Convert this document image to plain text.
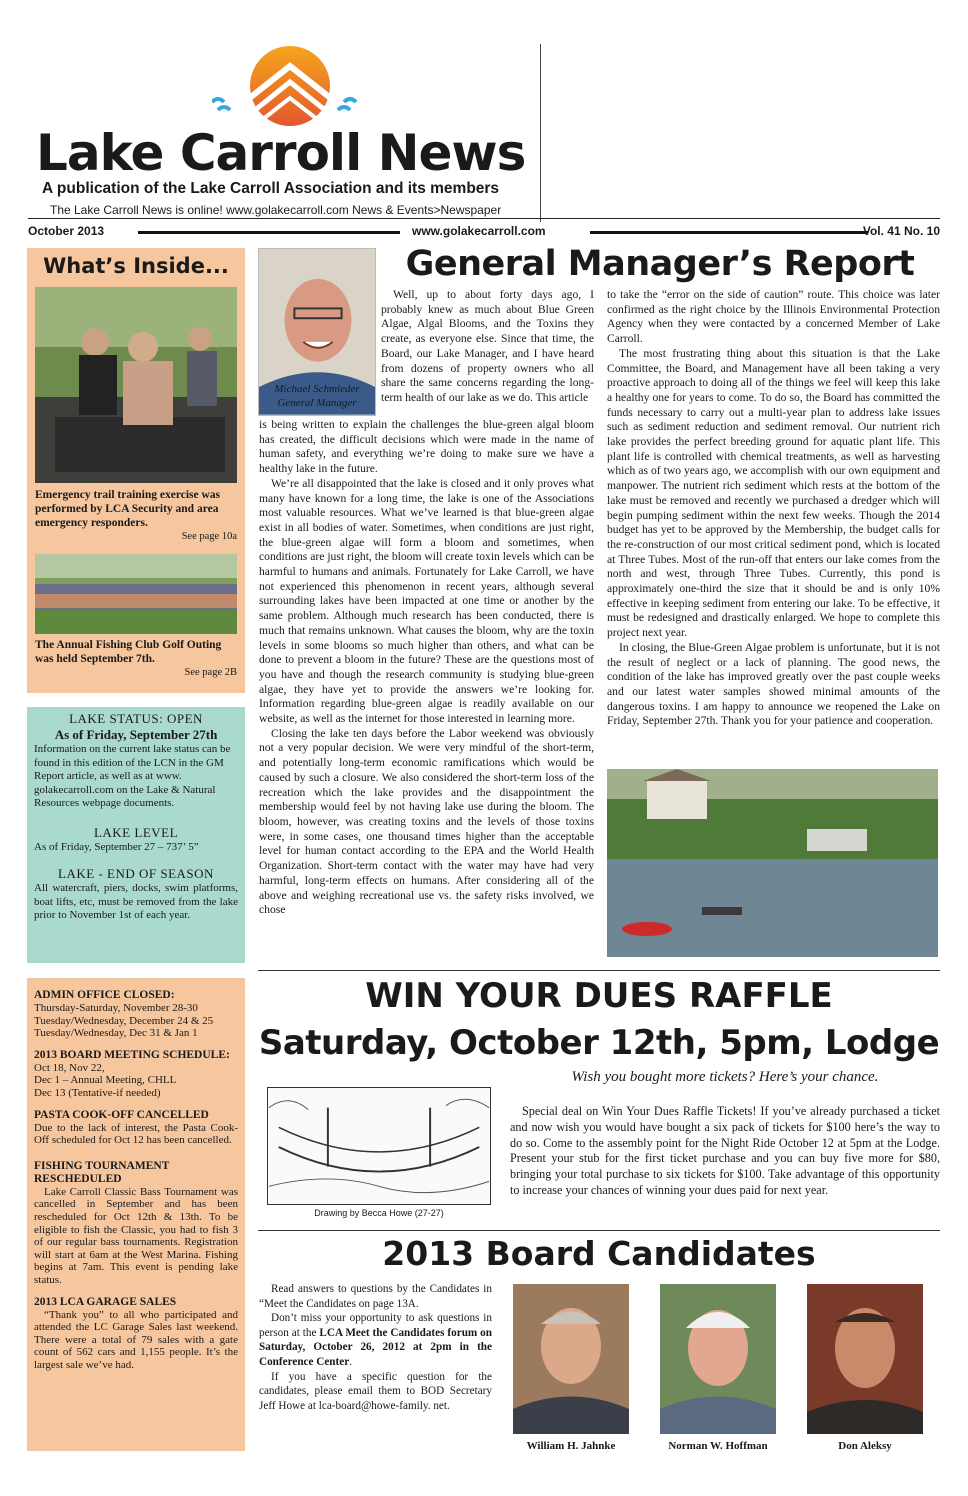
Lake Carroll News
A publication of the Lake Carroll Association and its members
The Lake Carroll News is online! www.golakecarroll.com News & Events>Newspaper
October 2013	www.golakecarroll.com	Vol. 41 No. 10
What’s Inside...
Emergency trail training exercise was performed by LCA Security and area emergency responders.
See page 10a
The Annual Fishing Club Golf Outing was held September 7th.
See page 2B
LAKE STATUS: OPEN
As of Friday, September 27th
Information on the current lake status can be found in this edition of the LCN in the GM Report article, as well as at www. golakecarroll.com on the Lake & Natural Resources webpage documents.
LAKE LEVEL
As of Friday, September 27 – 737’ 5”
LAKE - END OF SEASON
All watercraft, piers, docks, swim platforms, boat lifts, etc, must be removed from the lake prior to November 1st of each year.
ADMIN OFFICE CLOSED:
Thursday-Saturday, November 28-30
Tuesday/Wednesday, December 24 & 25
Tuesday/Wednesday, Dec 31 & Jan 1
2013 BOARD MEETING SCHEDULE:
Oct 18, Nov 22,
Dec 1 – Annual Meeting, CHLL
Dec 13 (Tentative-if needed)
PASTA COOK-OFF CANCELLED
Due to the lack of interest, the Pasta Cook-Off scheduled for Oct 12 has been cancelled.
FISHING TOURNAMENT RESCHEDULED
Lake Carroll Classic Bass Tournament was cancelled in September and has been rescheduled for Oct 12th & 13th. To be eligible to fish the Classic, you had to fish 3 of our regular bass tournaments. Registration will start at 6am at the West Marina. Fishing begins at 7am. This event is pending lake status.
2013 LCA GARAGE SALES
“Thank you” to all who participated and attended the LC Garage Sales last weekend. There were a total of 79 sales with a gate count of 562 cars and 1,155 people. It’s the largest sale we’ve had.
General Manager’s Report
Michael Schmieder
General Manager

Well, up to about forty days ago, I probably knew as much about Blue Green Algae, Algal Blooms, and the Toxins they create, as everyone else. Since that time, the Board, our Lake Manager, and I have heard from dozens of property owners who all share the same concerns regarding the long-term health of our lake as we do. This article

is being written to explain the challenges the blue-green algal bloom has created, the difficult decisions which were made in the name of human safety, and everything we’re doing to make sure we have a healthy lake in the future.

We’re all disappointed that the lake is closed and it only proves what many have known for a long time, the lake is one of the Associations most valuable resources. What we’ve learned is that blue-green algae exist in all bodies of water. Sometimes, when conditions are just right, the blue-green algae will form a bloom and sometimes, when conditions are just right, the bloom will create toxin levels which can be harmful to humans and animals. Fortunately for Lake Carroll, we have not experienced this phenomenon in recent years, although several surrounding lakes have been impacted at one time or another by the same problem. Although much research has been conducted, there is much that remains unknown. What causes the bloom, why are the toxin levels in some blooms so much higher than others, and what can be done to prevent a bloom in the future? These are the questions most of you have and though the research community is studying blue-green algae, they have yet to provide the answers we’re looking for. Information regarding blue-green algae is readily available on our website, as well as the internet for those interested in learning more.

Closing the lake ten days before the Labor weekend was obviously not a very popular decision. We were very mindful of the short-term, and potentially long-term economic ramifications which would be caused by such a closure. We also considered the short-term loss of the recreation which the lake provides and the disappointment the membership would feel by not having lake use during the bloom. The bloom, however, was creating toxins and the levels of those toxins were, in some cases, one thousand times higher than the acceptable level for human contact according to the EPA and the World Health Organization. Short-term contact with the water may have had very harmful, long-term effects on humans. After considering all of the above and weighing recreational use vs. the safety risks involved, we chose

to take the “error on the side of caution” route. This choice was later confirmed as the right choice by the Illinois Environmental Protection Agency when they were contacted by a concerned Member of Lake Carroll.

The most frustrating thing about this situation is that the Lake Committee, the Board, and Management have all been taking a very proactive approach to doing all of the things we feel will keep this lake a healthy one for years to come. To do so, the Board has committed the funds necessary to carry out a multi-year plan to address lake issues such as sediment reduction and sediment removal. Our nutrient rich lake provides the perfect breeding ground for aquatic plant life. This plant life is controlled with chemical treatments, as well as harvesting which as of two years ago, we accomplish with our own equipment and manpower. The nutrient rich sediment which rests at the bottom of the lake must be removed and recently we purchased a dredger which will begin pumping sediment within the next few weeks. Though the 2014 budget has yet to be approved by the Membership, the budget calls for the re-construction of our most critical sediment pond, which is located at Three Tubes. Most of the run-off that enters our lake comes from the north and west, through Three Tubes. Currently, this pond is approximately one-third the size that it should be and is only 10% effective in keeping sediment from entering our lake. To be effective, it must be redesigned and drastically enlarged. We hope to complete this project next year.

In closing, the Blue-Green Algae problem is unfortunate, but it is not the result of neglect or a lack of planning. The good news, the condition of the lake has improved greatly over the past couple weeks and our latest water samples showed minimal amounts of the dangerous toxins. I am happy to announce we reopened the Lake on Friday, September 27th. Thank you for your patience and cooperation.

WIN YOUR DUES RAFFLE
Saturday, October 12th, 5pm, Lodge
Wish you bought more tickets? Here’s your chance.
Drawing by Becca Howe (27-27)
Special deal on Win Your Dues Raffle Tickets! If you’ve already purchased a ticket and now wish you would have bought a six pack of tickets for $100 here’s the way to do so. Come to the assembly point for the Night Ride October 12 at 5pm at the Lodge. Present your stub for the first ticket purchase and you can buy five more for $80, bringing your total purchase to six tickets for $100. Take advantage of this opportunity to increase your chances of winning your dues paid for next year.
2013 Board Candidates

Read answers to questions by the Candidates in “Meet the Candidates on page 13A.

Don’t miss your opportunity to ask questions in person at the LCA Meet the Candidates forum on Saturday, October 26, 2012 at 2pm in the Conference Center.

If you have a specific question for the candidates, please email them to BOD Secretary Jeff Howe at lca-board@howe-family. net.

William H. Jahnke	Norman W. Hoffman	Don Aleksy
